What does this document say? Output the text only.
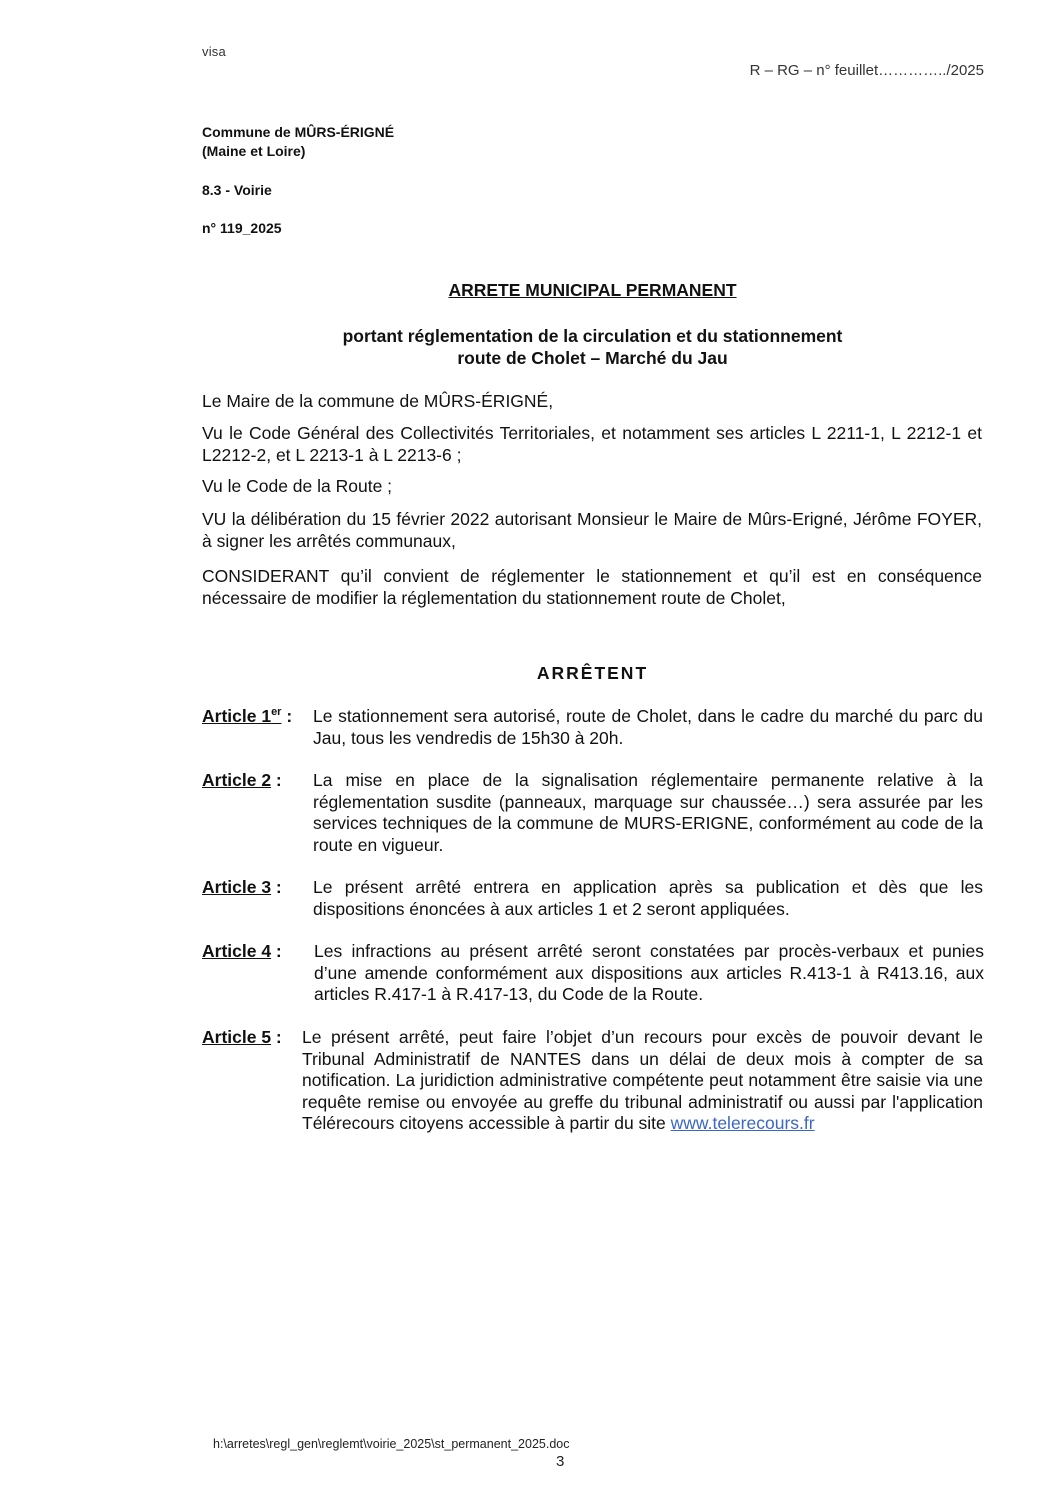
visa
R – RG – n° feuillet…………../2025
Commune de MÛRS-ÉRIGNÉ
(Maine et Loire)
8.3 - Voirie
n° 119_2025
ARRETE MUNICIPAL PERMANENT
portant réglementation de la circulation et du stationnement
route de Cholet – Marché du Jau
Le Maire de la commune de MÛRS-ÉRIGNÉ,
Vu le Code Général des Collectivités Territoriales, et notamment ses articles L 2211-1, L 2212-1 et L2212-2, et L 2213-1 à L 2213-6 ;
Vu le Code de la Route ;
VU la délibération du 15 février 2022 autorisant Monsieur le Maire de Mûrs-Erigné, Jérôme FOYER, à signer les arrêtés communaux,
CONSIDERANT qu’il convient de réglementer le stationnement et qu’il est en conséquence nécessaire de modifier la réglementation du stationnement route de Cholet,
ARRÊTENT
Article 1er : Le stationnement sera autorisé, route de Cholet, dans le cadre du marché du parc du Jau, tous les vendredis de 15h30 à 20h.
Article 2 : La mise en place de la signalisation réglementaire permanente relative à la réglementation susdite (panneaux, marquage sur chaussée…) sera assurée par les services techniques de la commune de MURS-ERIGNE, conformément au code de la route en vigueur.
Article 3 : Le présent arrêté entrera en application après sa publication et dès que les dispositions énoncées à aux articles 1 et 2 seront appliquées.
Article 4 : Les infractions au présent arrêté seront constatées par procès-verbaux et punies d’une amende conformément aux dispositions aux articles R.413-1 à R413.16, aux articles R.417-1 à R.417-13, du Code de la Route.
Article 5 : Le présent arrêté, peut faire l’objet d’un recours pour excès de pouvoir devant le Tribunal Administratif de NANTES dans un délai de deux mois à compter de sa notification. La juridiction administrative compétente peut notamment être saisie via une requête remise ou envoyée au greffe du tribunal administratif ou aussi par l'application Télérecours citoyens accessible à partir du site www.telerecours.fr
h:\arretes\regl_gen\reglemt\voirie_2025\st_permanent_2025.doc
3
